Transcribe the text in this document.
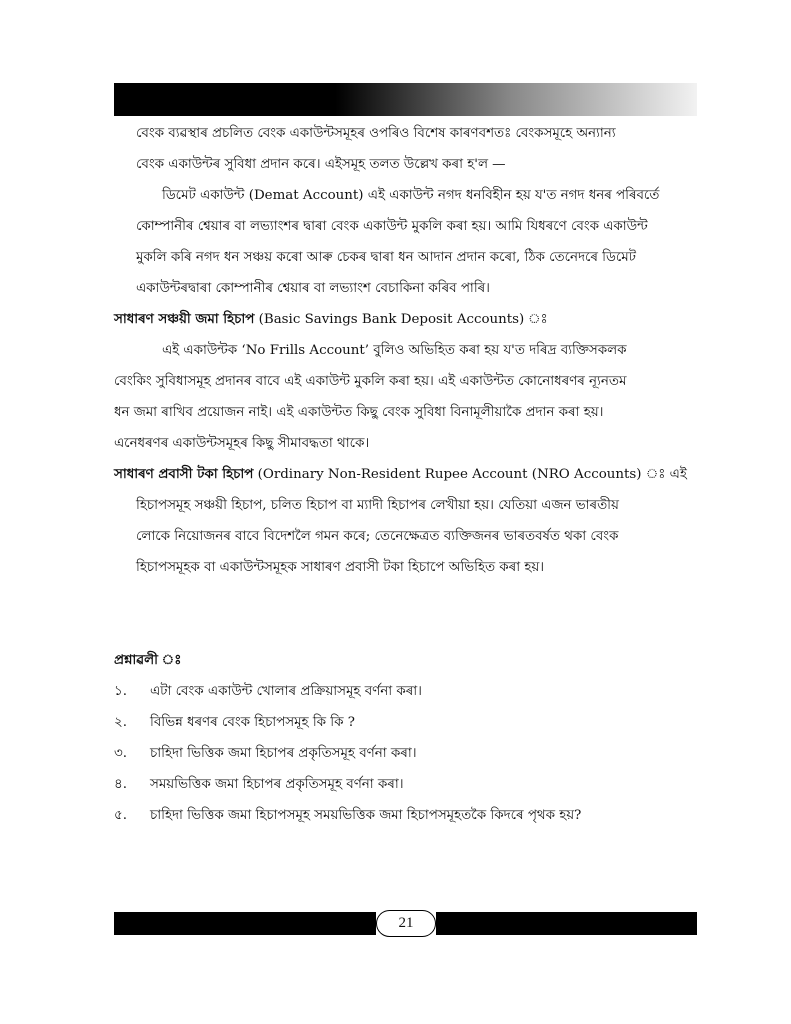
বেংক ব্যৱস্থাৰ প্ৰচলিত বেংক একাউন্টসমূহৰ ওপৰিও বিশেষ কাৰণবশতঃ বেংকসমূহে অন্যান্য
বেংক একাউন্টৰ সুবিধা প্ৰদান কৰে। এইসমূহ তলত উল্লেখ কৰা হ'ল —
ডিমেট একাউন্ট (Demat Account) এই একাউন্ট নগদ ধনবিহীন হয় য'ত নগদ ধনৰ পৰিবৰ্তে
কোম্পানীৰ শ্বেয়াৰ বা লভ্যাংশৰ দ্বাৰা বেংক একাউন্ট মুকলি কৰা হয়। আমি যিধৰণে বেংক একাউন্ট
মুকলি কৰি নগদ ধন সঞ্চয় কৰো আৰু চেকৰ দ্বাৰা ধন আদান প্ৰদান কৰো, ঠিক তেনেদৰে ডিমেট
একাউন্টৰদ্বাৰা কোম্পানীৰ শ্বেয়াৰ বা লভ্যাংশ বেচাকিনা কৰিব পাৰি।
সাধাৰণ সঞ্চয়ী জমা হিচাপ (Basic Savings Bank Deposit Accounts) ঃ
এই একাউন্টক ‘No Frills Account’ বুলিও অভিহিত কৰা হয় য'ত দৰিদ্ৰ ব্যক্তিসকলক
বেংকিং সুবিধাসমূহ প্ৰদানৰ বাবে এই একাউন্ট মুকলি কৰা হয়। এই একাউন্টত কোনোধৰণৰ ন্যূনতম
ধন জমা ৰাখিব প্ৰয়োজন নাই। এই একাউন্টত কিছু বেংক সুবিধা বিনামূলীয়াকৈ প্ৰদান কৰা হয়।
এনেধৰণৰ একাউন্টসমূহৰ কিছু সীমাবদ্ধতা থাকে।
সাধাৰণ প্ৰবাসী টকা হিচাপ (Ordinary Non-Resident Rupee Account (NRO Accounts) ঃ এই
হিচাপসমূহ সঞ্চয়ী হিচাপ, চলিত হিচাপ বা ম্যাদী হিচাপৰ লেখীয়া হয়। যেতিয়া এজন ভাৰতীয়
লোকে নিয়োজনৰ বাবে বিদেশলৈ গমন কৰে; তেনেক্ষেত্ৰত ব্যক্তিজনৰ ভাৰতবৰ্ষত থকা বেংক
হিচাপসমূহক বা একাউন্টসমূহক সাধাৰণ প্ৰবাসী টকা হিচাপে অভিহিত কৰা হয়।
প্ৰশ্নাৱলী ঃ
১.	এটা বেংক একাউন্ট খোলাৰ প্ৰক্ৰিয়াসমূহ বৰ্ণনা কৰা।
২.	বিভিন্ন ধৰণৰ বেংক হিচাপসমূহ কি কি ?
৩.	চাহিদা ভিত্তিক জমা হিচাপৰ প্ৰকৃতিসমূহ বৰ্ণনা কৰা।
৪.	সময়ভিত্তিক জমা হিচাপৰ প্ৰকৃতিসমূহ বৰ্ণনা কৰা।
৫.	চাহিদা ভিত্তিক জমা হিচাপসমূহ সময়ভিত্তিক জমা হিচাপসমূহতকৈ কিদৰে পৃথক হয়?
21
